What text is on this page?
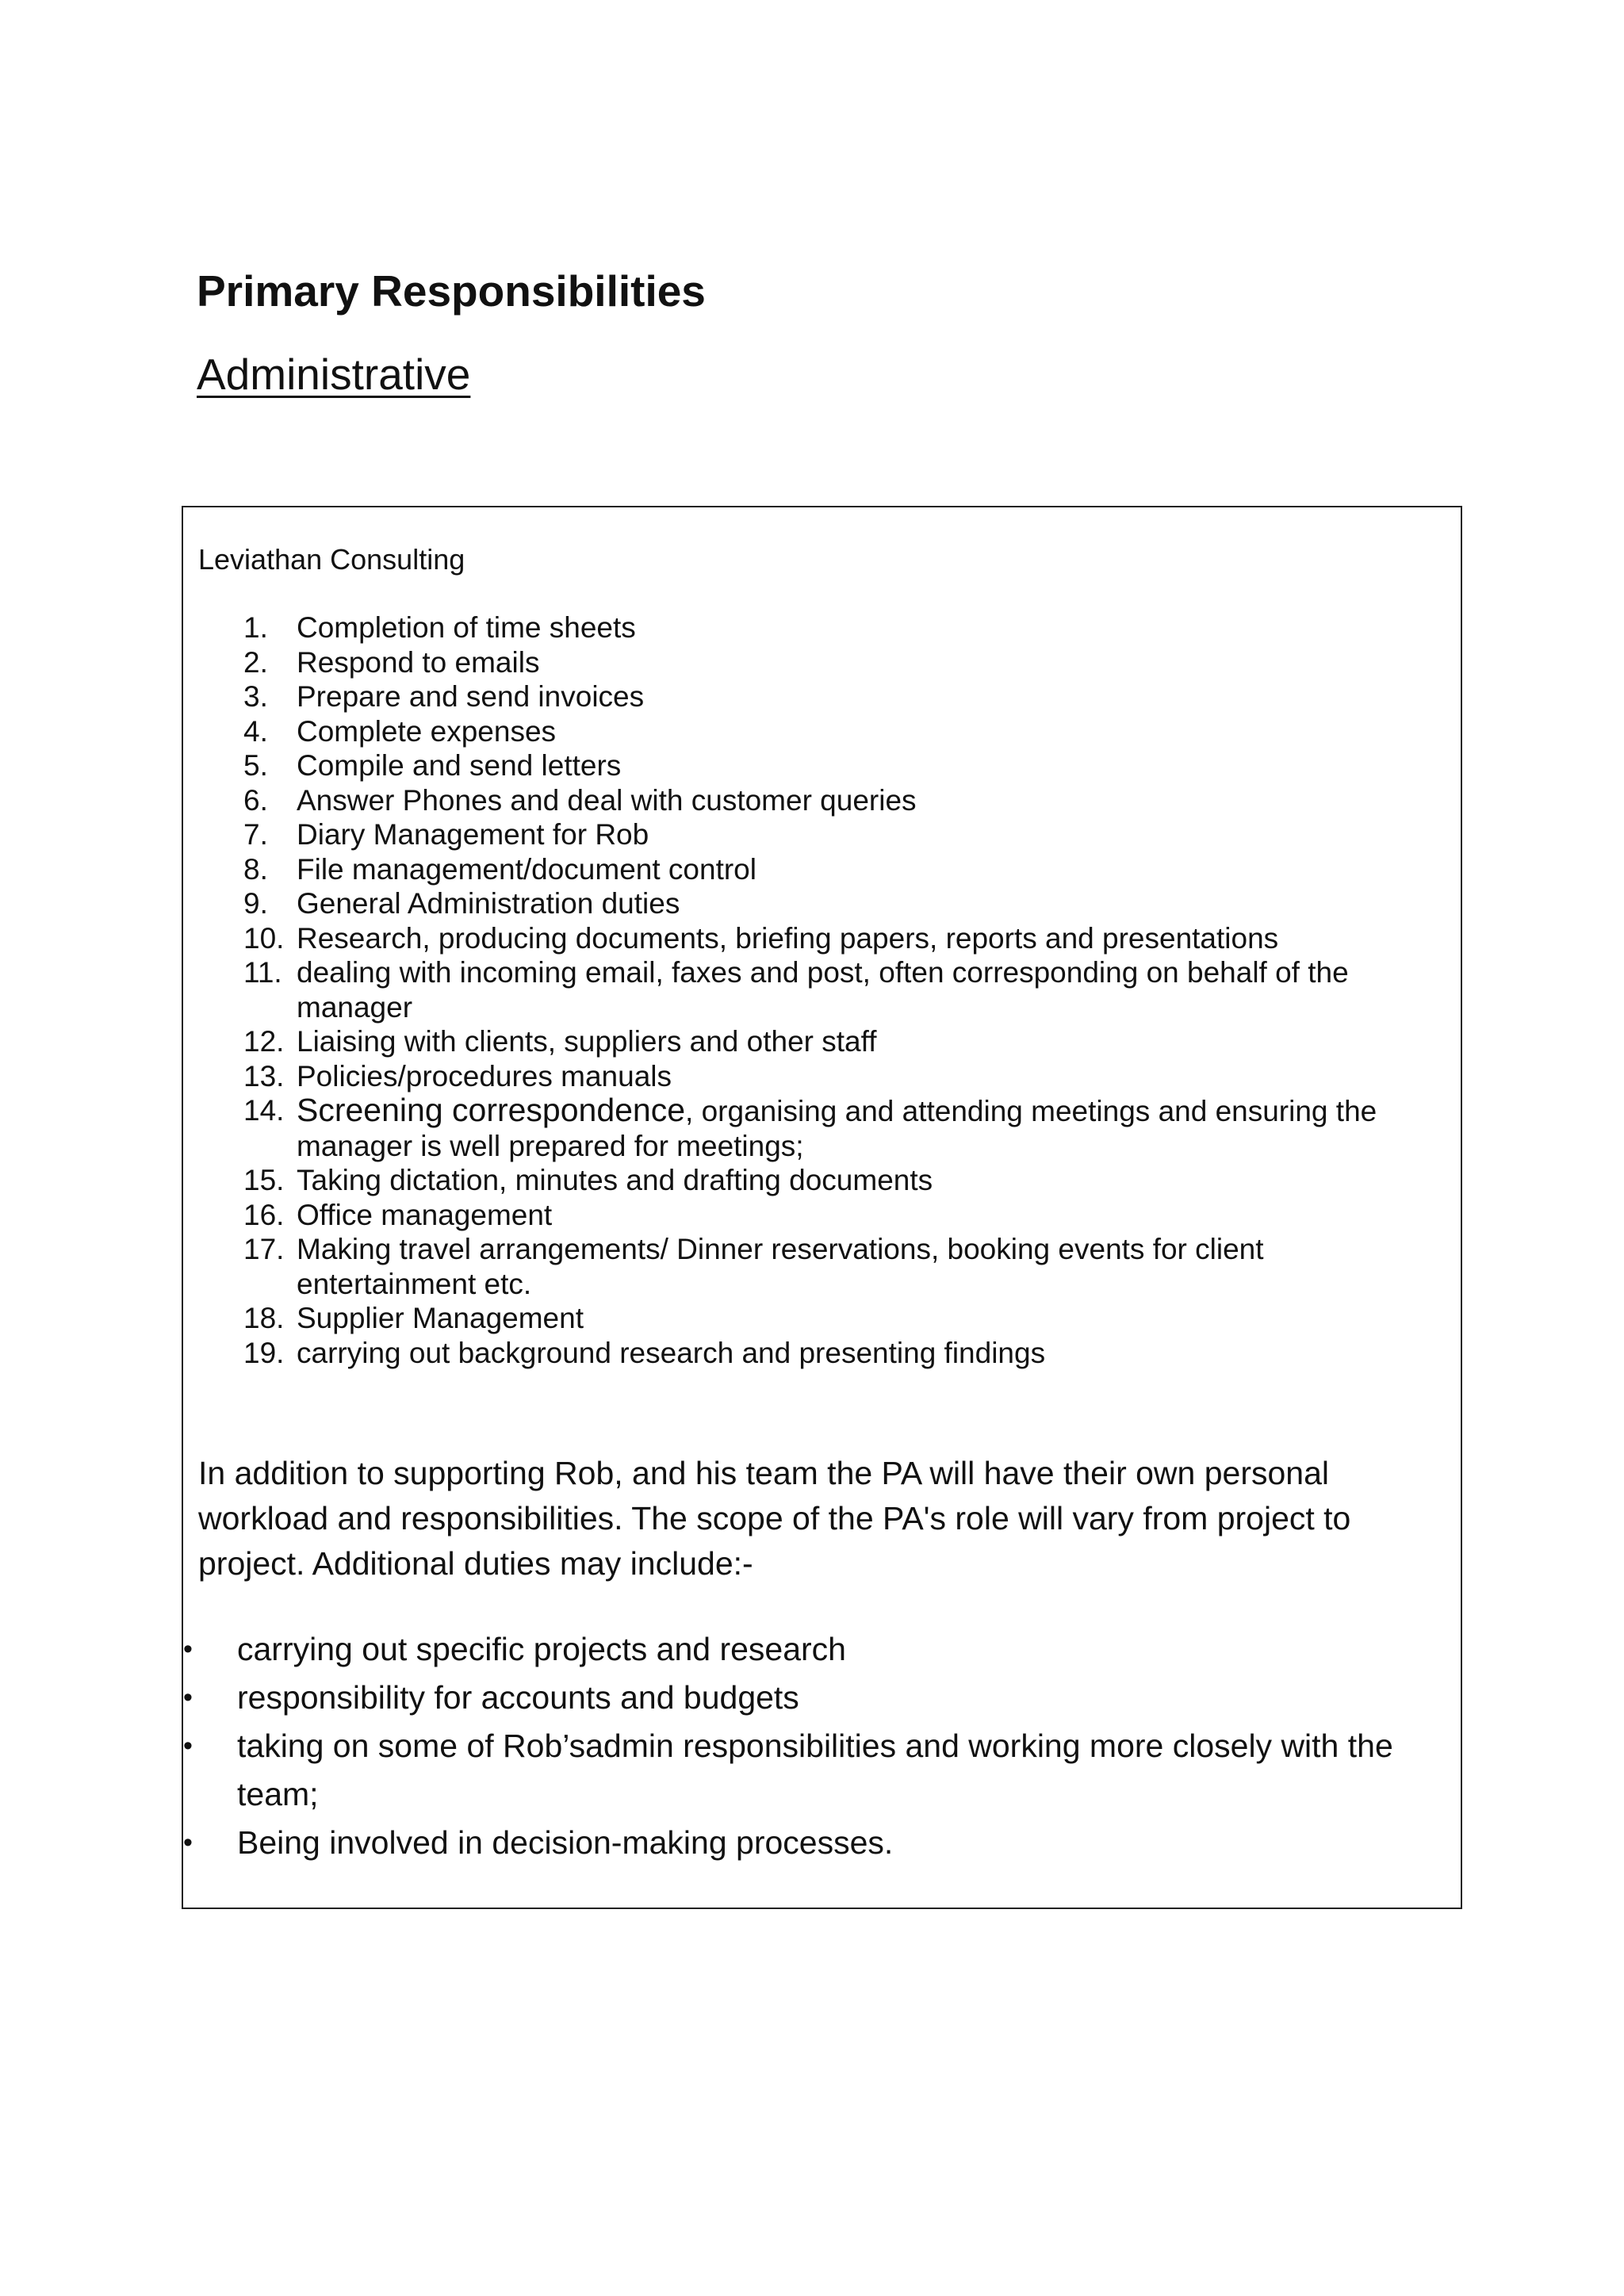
Primary Responsibilities
Administrative
Leviathan Consulting
1. Completion of time sheets
2. Respond to emails
3. Prepare and send invoices
4. Complete expenses
5. Compile and send letters
6. Answer Phones and deal with customer queries
7. Diary Management for Rob
8. File management/document control
9. General Administration duties
10. Research, producing documents, briefing papers, reports and presentations
11. dealing with incoming email, faxes and post, often corresponding on behalf of the manager
12. Liaising with clients, suppliers and other staff
13. Policies/procedures manuals
14. Screening correspondence, organising and attending meetings and ensuring the manager is well prepared for meetings;
15. Taking dictation, minutes and drafting documents
16. Office management
17. Making travel arrangements/ Dinner reservations, booking events for client entertainment etc.
18. Supplier Management
19. carrying out background research and presenting findings

In addition to supporting Rob, and his team the PA will have their own personal workload and responsibilities. The scope of the PA's role will vary from project to project. Additional duties may include:-

• carrying out specific projects and research
• responsibility for accounts and budgets
• taking on some of Rob’sadmin responsibilities and working more closely with the team;
• Being involved in decision-making processes.
